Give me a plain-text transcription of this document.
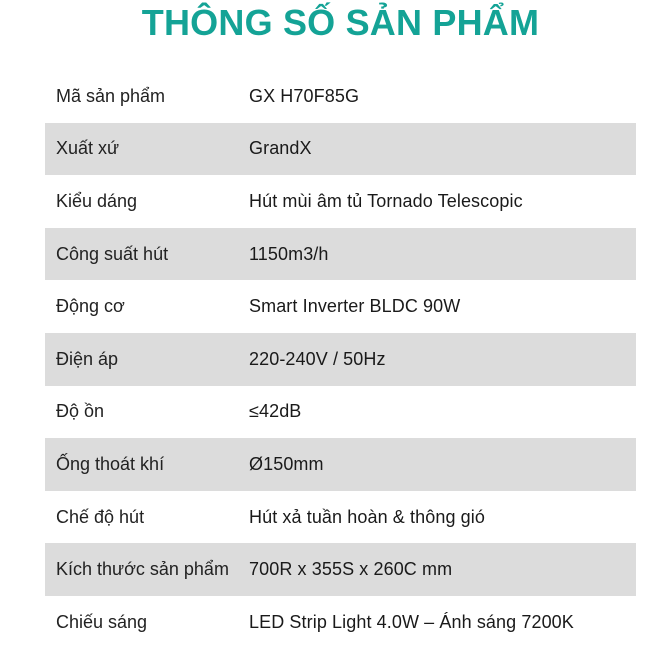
THÔNG SỐ SẢN PHẨM
Mã sản phẩm	GX H70F85G
Xuất xứ	GrandX
Kiểu dáng	Hút mùi âm tủ Tornado Telescopic
Công suất hút	1150m3/h
Động cơ	Smart Inverter BLDC 90W
Điện áp	220-240V / 50Hz
Độ ồn	≤42dB
Ống thoát khí	Ø150mm
Chế độ hút	Hút xả tuần hoàn & thông gió
Kích thước sản phẩm	700R x 355S x 260C mm
Chiếu sáng	LED Strip Light 4.0W – Ánh sáng 7200K
